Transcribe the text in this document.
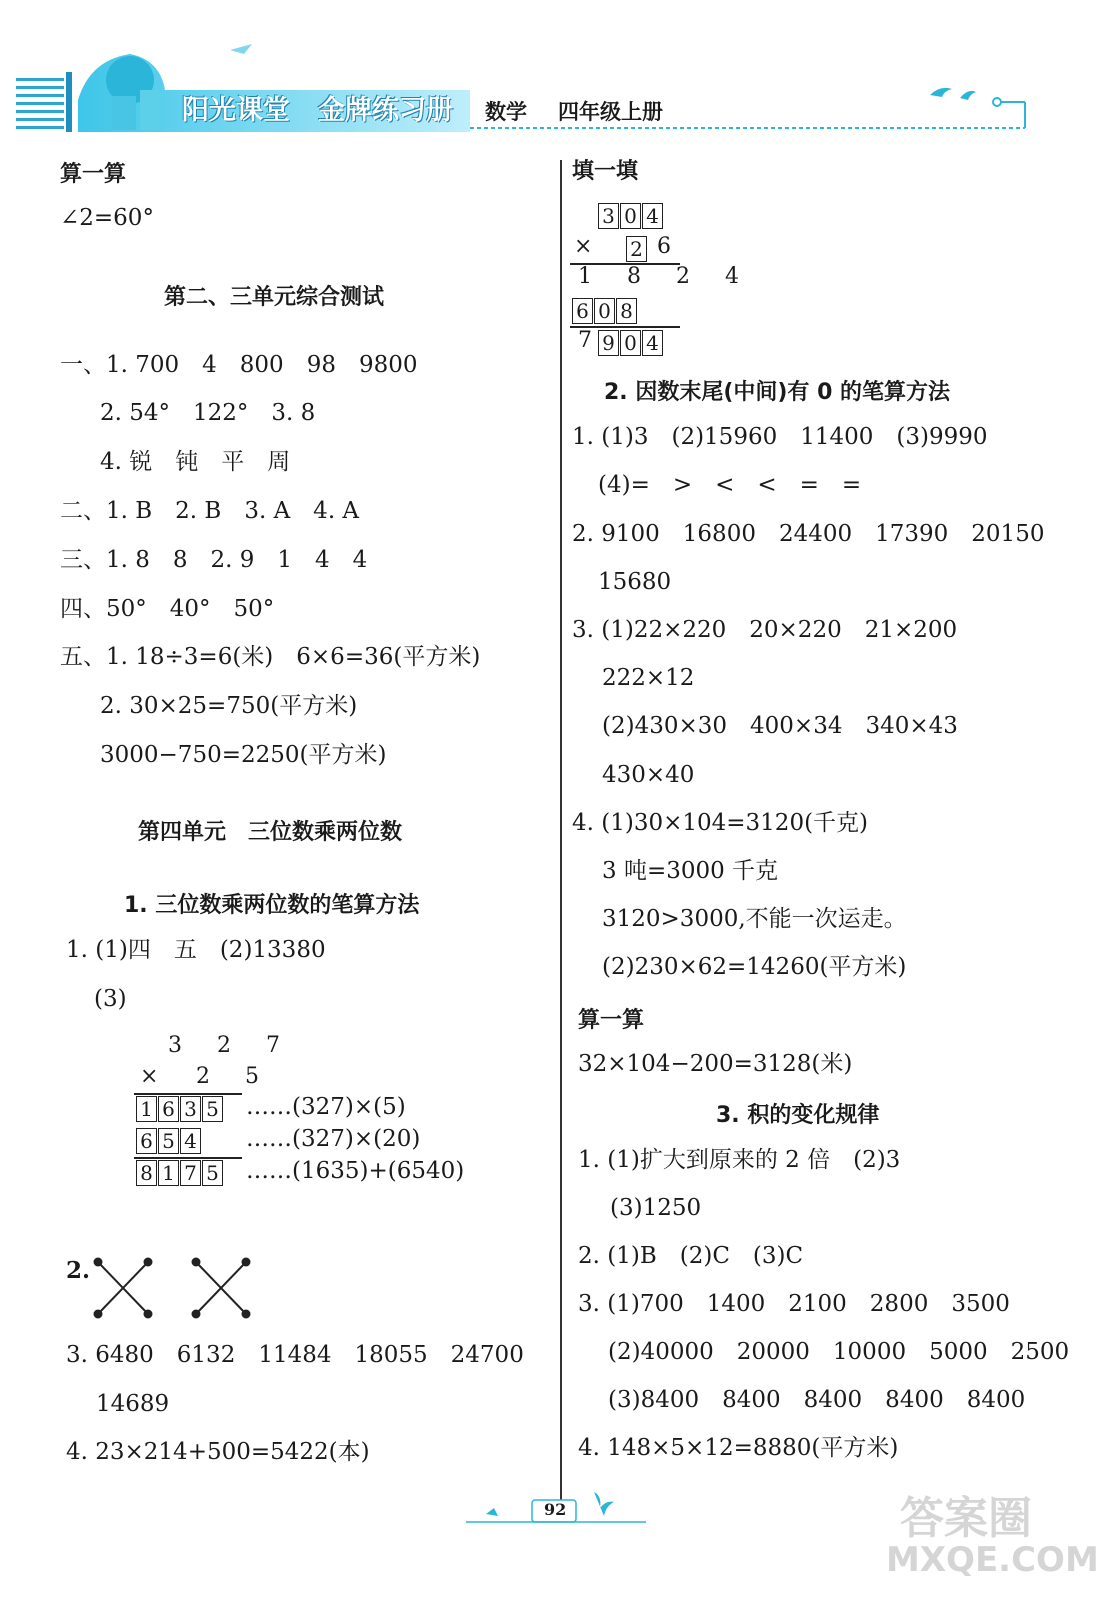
阳光课堂 金牌练习册 数学 四年级上册
算一算
∠2=60°
第二、三单元综合测试
一、1. 700　4　800　98　9800
2. 54°　122°　3. 8
4. 锐　钝　平　周
二、1. B　2. B　3. A　4. A
三、1. 8　8　2. 9　1　4　4
四、50°　40°　50°
五、1. 18÷3=6(米)　6×6=36(平方米)
2. 30×25=750(平方米)
3000−750=2250(平方米)
第四单元　三位数乘两位数
1. 三位数乘两位数的笔算方法
1. (1)四　五　(2)13380
(3)
3 2 7
× 2 5
1 6 3 5 ……(327)×(5)
6 5 4 ……(327)×(20)
8 1 7 5 ……(1635)+(6540)
2.
3. 6480　6132　11484　18055　24700
14689
4. 23×214+500=5422(本)
填一填
3 0 4
× 2 6
1 8 2 4
6 0 8
7 9 0 4
2. 因数末尾(中间)有 0 的笔算方法
1. (1)3　(2)15960　11400　(3)9990
(4)=　>　<　<　=　=
2. 9100　16800　24400　17390　20150
15680
3. (1)22×220　20×220　21×200
222×12
(2)430×30　400×34　340×43
430×40
4. (1)30×104=3120(千克)
3 吨=3000 千克
3120>3000,不能一次运走。
(2)230×62=14260(平方米)
算一算
32×104−200=3128(米)
3. 积的变化规律
1. (1)扩大到原来的 2 倍　(2)3
(3)1250
2. (1)B　(2)C　(3)C
3. (1)700　1400　2100　2800　3500
(2)40000　20000　10000　5000　2500
(3)8400　8400　8400　8400　8400
4. 148×5×12=8880(平方米)
92	答案圈
MXQE.COM
